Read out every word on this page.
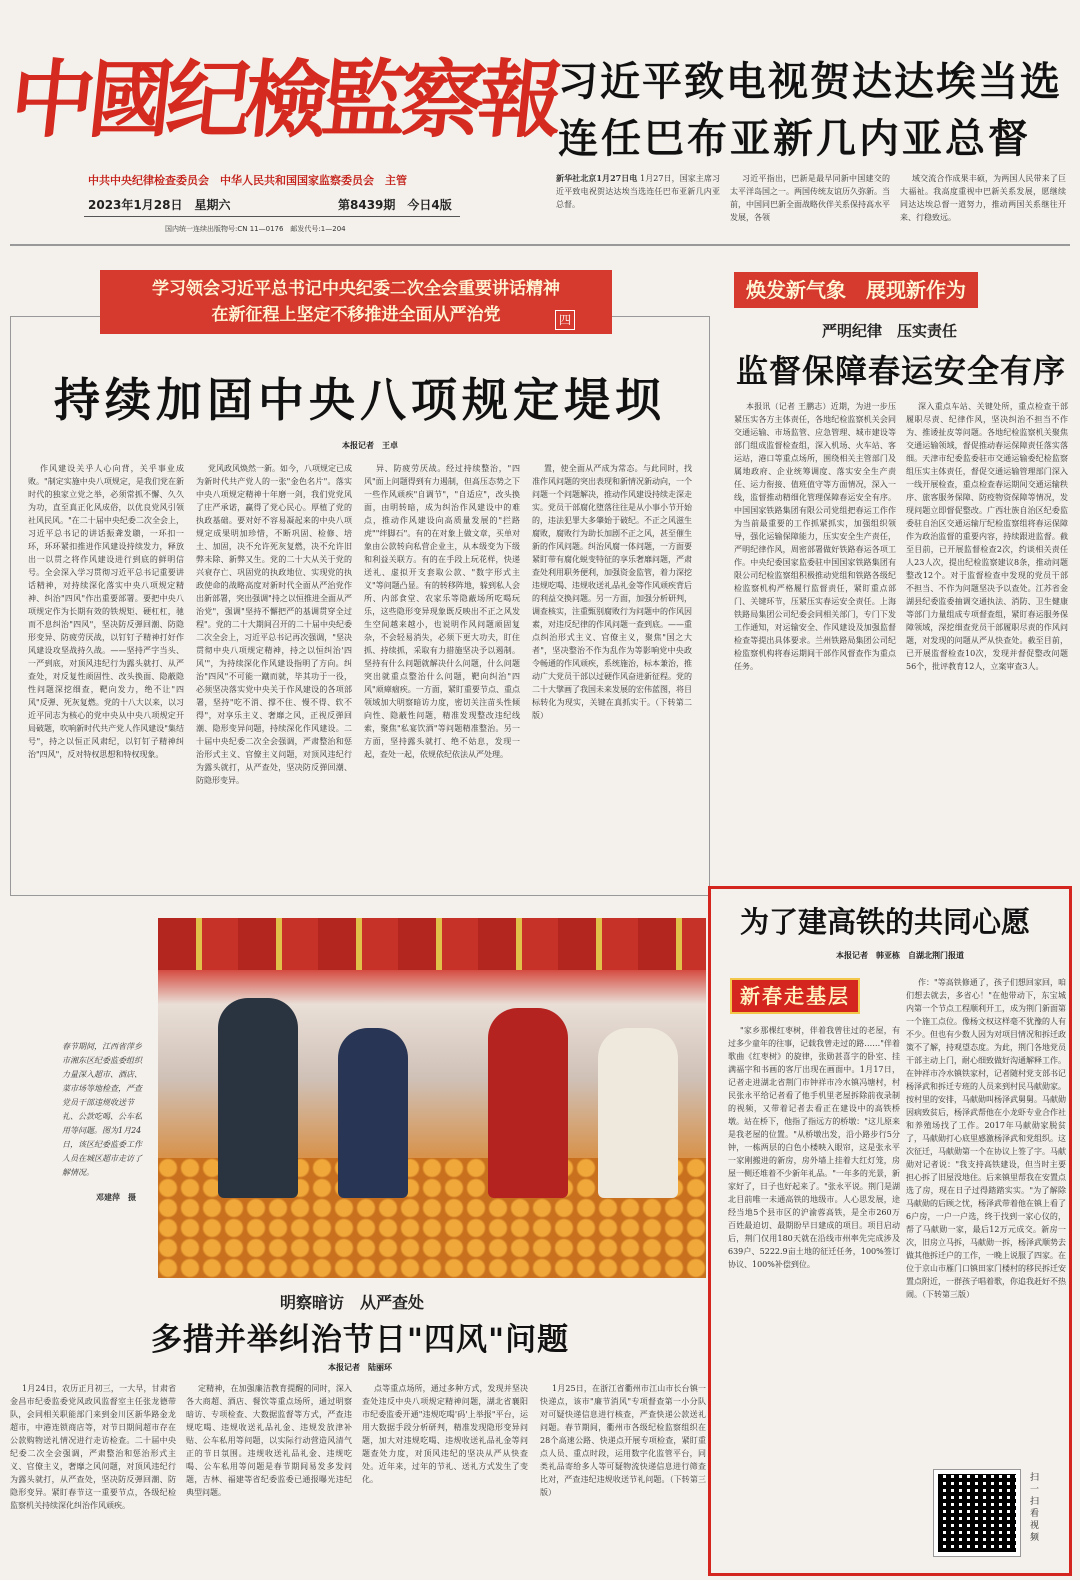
中國纪檢監察報
中共中央纪律检查委员会　中华人民共和国国家监察委员会　主管
2023年1月28日　 星期六	第8439期　 今日4版
国内统一连续出版物号:CN 11—0176　邮发代号:1—204
习近平致电视贺达达埃当选
连任巴布亚新几内亚总督
新华社北京1月27日电 1月27日，国家主席习近平致电祝贺达达埃当选连任巴布亚新几内亚总督。
习近平指出，巴新是最早同新中国建交的太平洋岛国之一。两国传统友谊历久弥新。当前，中国同巴新全面战略伙伴关系保持高水平发展，各领
域交流合作成果丰硕，为两国人民带来了巨大福祉。我高度重视中巴新关系发展，愿继续同达达埃总督一道努力，推动两国关系继往开来、行稳致远。
学习领会习近平总书记中央纪委二次全会重要讲话精神
在新征程上坚定不移推进全面从严治党	四
持续加固中央八项规定堤坝
本报记者　王卓
作风建设关乎人心向背，关乎事业成败。"制定实施中央八项规定，是我们党在新时代的独家立党之举，必须常抓不懈、久久为功，直至真正化风成俗，以优良党风引领社风民风。"在二十届中央纪委二次全会上，习近平总书记的讲话振聋发聩，一环扣一环，环环紧扣推进作风建设持续发力，释放出一以贯之将作风建设进行到底的鲜明信号。全会深入学习贯彻习近平总书记重要讲话精神，对持续深化落实中央八项规定精神、纠治"四风"作出重要部署。要把中央八项规定作为长期有效的铁规矩、硬杠杠，驰而不息纠治"四风"，坚决防反弹回潮、防隐形变异、防疲劳厌战，以钉钉子精神打好作风建设攻坚战持久战。——坚持严字当头、一严到底，对顶风违纪行为露头就打、从严查处，对反复性顽固性、改头换面、隐蔽隐性问题深挖细查，靶向发力，绝不让"四风"反弹、死灰复燃。党的十八大以来，以习近平同志为核心的党中央从中央八项规定开局破题，吹响新时代共产党人作风建设"集结号"，持之以恒正风肃纪，以钉钉子精神纠治"四风"，反对特权思想和特权现象。
党风政风焕然一新。如今，八项规定已成为新时代共产党人的一张"金色名片"。落实中央八项规定精神十年磨一剑，我们党党风了庄严承诺，赢得了党心民心。厚植了党的执政基础。要对好不容易凝起来的中央八项规定成果明加珍惜，不断巩固、检修、培土、加固，决不允许死灰复燃，决不允许旧弊未除、新弊又生。党的二十大从关于党的兴衰存亡、巩固党的执政地位、实现党的执政使命的战略高度对新时代全面从严治党作出新部署，突出强调"持之以恒推进全面从严治党"，强调"坚持不懈把严的基调贯穿全过程"。党的二十大期间召开的二十届中央纪委二次全会上，习近平总书记再次强调，"坚决贯彻中央八项规定精神，持之以恒纠治'四风'"，为持续深化作风建设指明了方向。纠治"四风"不可能一蹴而就，毕其功于一役，必须坚决落实党中央关于作风建设的各项部署，坚持"吃不消、撑不住、慢不得、软不得"，对享乐主义、奢靡之风，正视反弹回潮、隐形变异问题，持续深化作风建设。二十届中央纪委二次全会强调，严肃整治和惩治形式主义、官僚主义问题，对顶风违纪行为露头就打，从严查处，坚决防反弹回潮、防隐形变异。
异、防疲劳厌战。经过持续整治，"四风"面上问题得到有力遏制，但高压态势之下一些作风顽疾"自调节"，"自适应"，改头换面，由明转暗，成为纠治作风建设中的难点，推动作风建设向高质量发展的"拦路虎""绊脚石"。有的在对象上做文章，买单对象由公款转向私营企业主，从本级变为下级和利益关联方。有的在手段上玩花样，快递送礼、虚拟开支套取公款、"数字形式主义"等问题凸显。有的转移阵地，躲到私人会所、内部食堂、农家乐等隐蔽场所吃喝玩乐，这些隐形变异现象既反映出不正之风发生空间越来越小，也说明作风问题顽固复杂，不会轻易消失，必须下更大功夫，盯住抓、持续抓，采取有力措施坚决予以遏制。坚持有什么问题就解决什么问题，什么问题突出就重点整治什么问题，靶向纠治"四风"顽瘴痼疾。一方面，紧盯重要节点、重点领域加大明察暗访力度，密切关注苗头性倾向性、隐蔽性问题，精准发现整改违纪线索，聚焦"私宴饮酒"等问题精准整治。另一方面，坚持露头就打、绝不姑息，发现一起，查处一起，依规依纪依法从严处理。
置，使全面从严成为常态。与此同时，找准作风问题的突出表现和新情况新动向，一个问题一个问题解决，推动作风建设持续走深走实。党员干部腐化堕落往往是从小事小节开始的，违法犯罪大多肇始于破纪。不正之风滋生腐败，腐败行为助长加剧不正之风，甚至催生新的作风问题。纠治风腐一体问题，一方面要紧盯带有腐化蜕变特征的享乐奢靡问题，严肃查处利用职务便利，加强资金监管，着力深挖违规吃喝、违规收送礼品礼金等作风顽疾背后的利益交换问题。另一方面，加强分析研判，调查核实，注重甄别腐败行为问题中的作风因素，对违反纪律的作风问题一查到底。——重点纠治形式主义、官僚主义，聚焦"国之大者"，坚决整治不作为乱作为等影响党中央政令畅通的作风顽疾，系统施治，标本兼治，推动广大党员干部以过硬作风奋进新征程。党的二十大擘画了我国未来发展的宏伟蓝图，将目标转化为现实，关键在真抓实干。（下转第二版）
焕发新气象　展现新作为
严明纪律　压实责任
监督保障春运安全有序
本报讯（记者 王鹏志）近期，为进一步压紧压实各方主体责任，各地纪检监察机关会同交通运输、市场监管、应急管理、城市建设等部门组成监督检查组，深入机场、火车站、客运站，港口等重点场所，围绕相关主管部门及属地政府、企业统筹调度、落实安全生产责任、运力衔接、值班值守等方面情况，深入一线，监督推动精细化管理保障春运安全有序。中国国家铁路集团有限公司党组把春运工作作为当前最重要的工作抓紧抓实，加强组织领导，强化运输保障能力，压实安全生产责任，严明纪律作风，周密部署做好铁路春运各项工作。中央纪委国家监委驻中国国家铁路集团有限公司纪检监察组积极推动党组和铁路各级纪检监察机构严格履行监督责任，紧盯重点部门、关键环节，压紧压实春运安全责任。上海铁路局集团公司纪委会同相关部门，专门下发工作通知，对运输安全、作风建设及加强监督检查等提出具体要求。兰州铁路局集团公司纪检监察机构将春运期间干部作风督查作为重点任务。
深入重点车站、关键处所，重点检查干部履职尽责、纪律作风，坚决纠治不担当不作为、推诿扯皮等问题。各地纪检监察机关聚焦交通运输领域，督促推动春运保障责任落实落细。天津市纪委监委驻市交通运输委纪检监察组压实主体责任，督促交通运输管理部门深入一线开展检查，重点检查春运期间交通运输秩序、旅客服务保障、防疫物资保障等情况，发现问题立即督促整改。广西壮族自治区纪委监委驻自治区交通运输厅纪检监察组将春运保障作为政治监督的重要内容，持续跟进监督。截至目前，已开展监督检查2次，约谈相关责任人23人次，提出纪检监察建议8条，推动问题整改12个。对于监督检查中发现的党员干部不担当、不作为问题坚决予以查处。江苏省金湖县纪委监委抽调交通执法、消防、卫生健康等部门力量组成专项督查组，紧盯春运服务保障领域，深挖细查党员干部履职尽责的作风问题，对发现的问题从严从快查处。截至目前，已开展监督检查10次，发现并督促整改问题56个，批评教育12人，立案审查3人。
春节期间，江西省萍乡市湘东区纪委监委组织力量深入超市、酒店、菜市场等地检查，严查党员干部违规收送节礼、公款吃喝、公车私用等问题。图为1月24日，该区纪委监委工作人员在城区超市走访了解情况。
邓建萍　摄
明察暗访　从严查处
多措并举纠治节日"四风"问题
本报记者　陆丽环
1月24日，农历正月初三，一大早，甘肃省金昌市纪委监委党风政风监督室主任张龙德带队，会同相关职能部门来到金川区新华路金龙超市，中港连锁商店等，对节日期间超市存在公款购物送礼情况进行走访检查。二十届中央纪委二次全会强调，严肃整治和惩治形式主义、官僚主义，奢靡之风问题，对顶风违纪行为露头就打，从严查处，坚决防反弹回潮、防隐形变异。紧盯春节这一重要节点，各级纪检监察机关持续深化纠治作风顽疾。
定精神，在加强廉洁教育提醒的同时，深入各大商超、酒店、餐饮等重点场所，通过明察暗访、专项检查、大数据监督等方式，严查违规吃喝、违规收送礼品礼金、违规发放津补贴、公车私用等问题，以实际行动营造风清气正的节日氛围。违规收送礼品礼金、违规吃喝、公车私用等问题是春节期间易发多发问题，吉林、福建等省纪委监委已通报曝光违纪典型问题。
点等重点场所，通过多种方式，发现并坚决查处违反中央八项规定精神问题，湖北省襄阳市纪委监委开通"违规吃喝'码'上举报"平台，运用大数据手段分析研判，精准发现隐形变异问题，加大对违规吃喝、违规收送礼品礼金等问题查处力度，对顶风违纪的坚决从严从快查处。近年来，过年的节礼、送礼方式发生了变化。
1月25日，在浙江省衢州市江山市长台镇一快递点，该市"廉节消风"专项督查第一小分队对可疑快递信息进行核查，严查快递公款送礼问题。春节期间，衢州市各级纪检监察组织在28个高速公路、快递点开展专项检查，紧盯重点人员、重点时段，运用数字化监管平台，同类礼品寄给多人等可疑物流快递信息进行筛查比对，严查违纪违规收送节礼问题。（下转第三版）
为了建高铁的共同心愿
本报记者　韩亚栋　自湖北荆门报道
新春走基层
"家乡那棵红枣树，伴着我曾往过的老屋，有过多少童年的往事，记载我曾走过的路……"伴着歌曲《红枣树》的旋律，张勋甚喜字的卧室、挂满福字和书画的客厅出现在画面中。1月17日，记者走进湖北省荆门市钟祥市冷水镇冯塘村，村民张永平给记者看了他手机里老屋拆除前夜录制的视频，又带着记者去看正在建设中的高铁桥墩。站在桥下，他指了指远方的桥墩："这儿原来是我老屋的位置。"从桥墩出发，沿小路步行5分钟，一栋两层的白色小楼映入眼帘，这是张永平一家刚搬进的新房，房外墙上挂着大红灯笼，房屋一侧还堆着不少新年礼品。"一年多的光景，新家好了，日子也好起来了。"张永平说。荆门是湖北目前唯一未通高铁的地级市。人心思发展，途经当地5个县市区的沪渝蓉高铁，是全市260万百姓最迫切、最期盼早日建成的项目。项目启动后，荆门仅用180天就在沿线市州率先完成涉及639户、5222.9亩土地的征迁任务，100%签订协议、100%补偿到位。
作："等高铁修通了，孩子们想回家回，咱们想去就去，多省心！"在他带动下，东宝城内第一个节点工程顺利开工，成为荆门新面第一个施工点位。像杨文权这样毫不犹豫的人有不少。但也有少数人因为对项目情况和拆迁政策不了解，持观望态度。为此，荆门各地党员干部主动上门，耐心细致做好沟通解释工作。在钟祥市冷水镇铁家村，记者随村党支部书记杨泽武和拆迁专班的人员来到村民马献勋家。按村里的安排，马献勋叫杨泽武舅舅。马献勋因病致贫后，杨泽武帮他在小龙虾专业合作社和养殖场找了工作。2017年马献勋家脱贫了，马献勋打心底里感激杨泽武和党组织。这次征迁，马献勋第一个在协议上签了字。马献勋对记者说："我支持高铁建设，但当时主要担心拆了旧屋没地住。后来镇里帮我在安置点选了房，现在日子过得踏踏实实。"为了解除马献勋的后顾之忧，杨泽武带着他在镇上看了6户房，一户一户选，终于找到一家心仪的，帮了马献勋一家，最后12万元成交。新房一次，旧房立马拆，马献勋一拆，杨泽武顺势去做其他拆迁户的工作，一晚上说服了四家。在位于京山市雁门口镇田家门楼村的移民拆迁安置点附近，一群孩子唱着歌，你追我赶好不热闹。（下转第三版）
扫一扫　看视频
